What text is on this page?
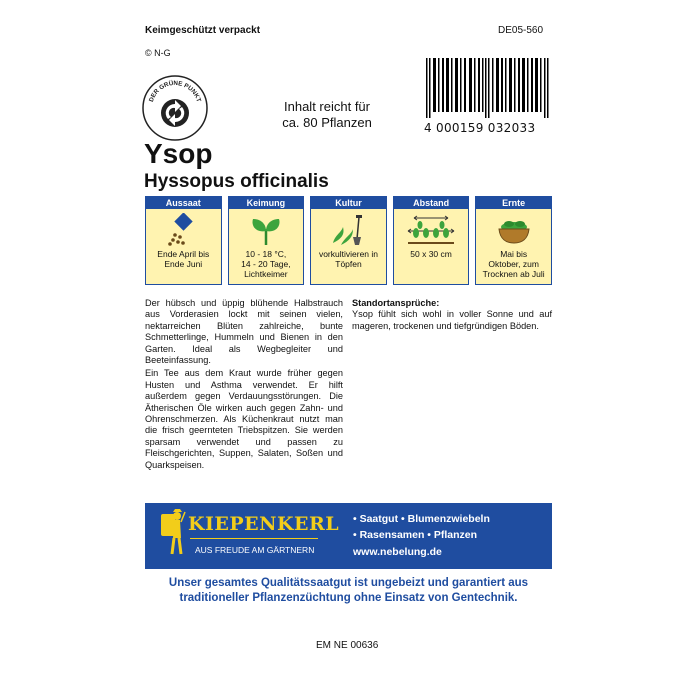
Keimgeschützt verpackt	DE05-560
© N-G
DER GRÜNE PUNKT	Inhalt reicht für
ca. 80 Pflanzen	4 000159 032033
Ysop
Hyssopus officinalis
Aussaat
Ende April bis
Ende Juni
Keimung
10 - 18 °C,
14 - 20 Tage,
Lichtkeimer
Kultur
vorkultivieren in
Töpfen
Abstand
50 x 30 cm
Ernte
Mai bis
Oktober, zum
Trocknen ab Juli

Der hübsch und üppig blühende Halbstrauch aus Vorderasien lockt mit seinen vielen, nektarreichen Blüten zahlreiche, bunte Schmetterlinge, Hummeln und Bienen in den Garten. Ideal als Wegbegleiter und Beeteinfassung.

Ein Tee aus dem Kraut wurde früher gegen Husten und Asthma verwendet. Er hilft außerdem gegen Verdauungsstörungen. Die Ätherischen Öle wirken auch gegen Zahn- und Ohrenschmerzen. Als Küchenkraut nutzt man die frisch geernteten Triebspitzen. Sie werden sparsam verwendet und passen zu Fleischgerichten, Suppen, Salaten, Soßen und Quarkspeisen.

Standortansprüche:

Ysop fühlt sich wohl in voller Sonne und auf mageren, trockenen und tiefgründigen Böden.

KIEPENKERL
AUS FREUDE AM GÄRTNERN
• Saatgut • Blumenzwiebeln
• Rasensamen • Pflanzen
www.nebelung.de
Unser gesamtes Qualitätssaatgut ist ungebeizt und garantiert aus traditioneller Pflanzenzüchtung ohne Einsatz von Gentechnik.
EM NE 00636
